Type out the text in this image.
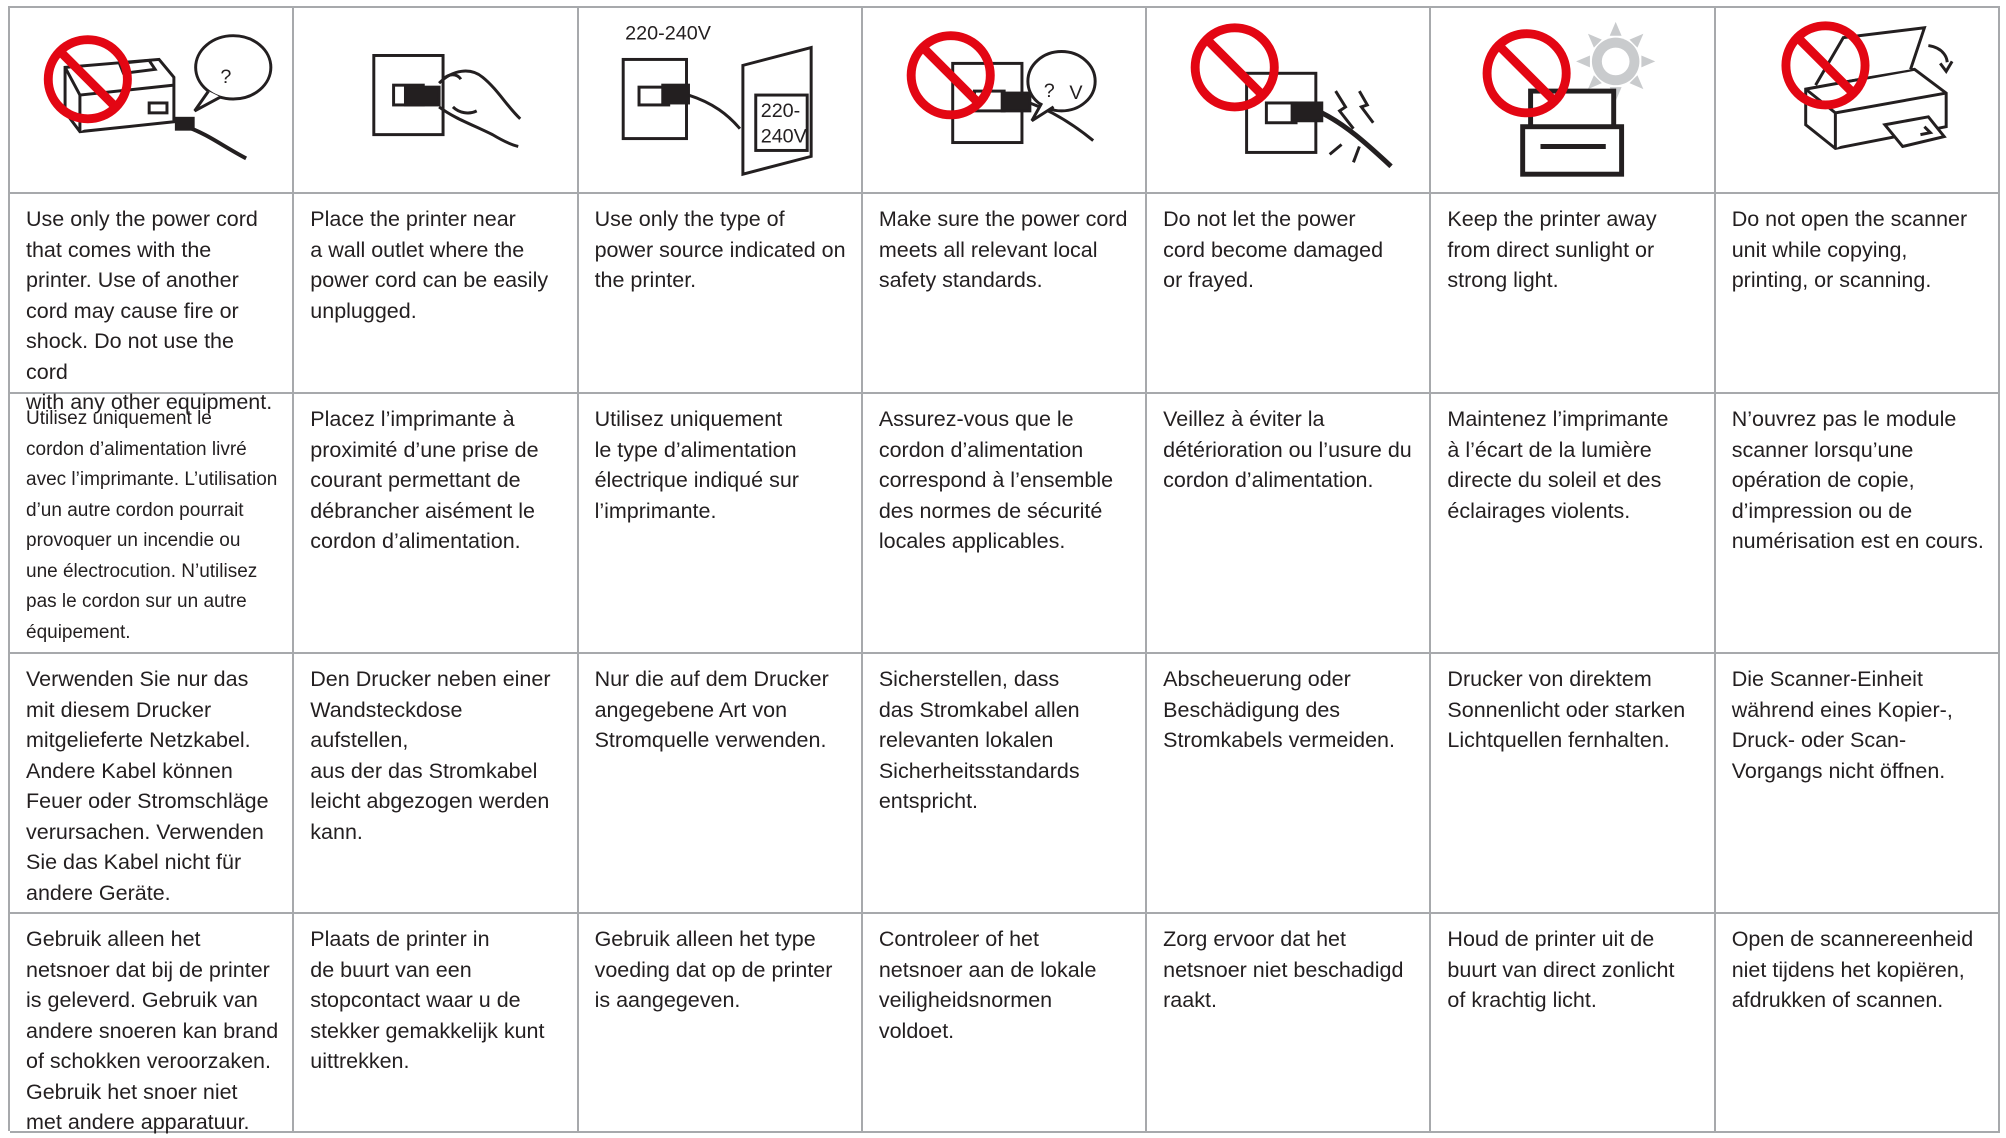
?

220-240V
220-
240V

? V

Use only the power cord
that comes with the
printer. Use of another
cord may cause fire or
shock. Do not use the cord
with any other equipment.
Place the printer near
a wall outlet where the
power cord can be easily
unplugged.
Use only the type of
power source indicated on
the printer.
Make sure the power cord
meets all relevant local
safety standards.
Do not let the power
cord become damaged
or frayed.
Keep the printer away
from direct sunlight or
strong light.
Do not open the scanner
unit while copying,
printing, or scanning.
Utilisez uniquement le
cordon d’alimentation livré
avec l’imprimante. L’utilisation
d’un autre cordon pourrait
provoquer un incendie ou
une électrocution. N’utilisez
pas le cordon sur un autre
équipement.
Placez l’imprimante à
proximité d’une prise de
courant permettant de
débrancher aisément le
cordon d’alimentation.
Utilisez uniquement
le type d’alimentation
électrique indiqué sur
l’imprimante.
Assurez-vous que le
cordon d’alimentation
correspond à l’ensemble
des normes de sécurité
locales applicables.
Veillez à éviter la
détérioration ou l’usure du
cordon d’alimentation.
Maintenez l’imprimante
à l’écart de la lumière
directe du soleil et des
éclairages violents.
N’ouvrez pas le module
scanner lorsqu’une
opération de copie,
d’impression ou de
numérisation est en cours.
Verwenden Sie nur das
mit diesem Drucker
mitgelieferte Netzkabel.
Andere Kabel können
Feuer oder Stromschläge
verursachen. Verwenden
Sie das Kabel nicht für
andere Geräte.
Den Drucker neben einer
Wandsteckdose aufstellen,
aus der das Stromkabel
leicht abgezogen werden
kann.
Nur die auf dem Drucker
angegebene Art von
Stromquelle verwenden.
Sicherstellen, dass
das Stromkabel allen
relevanten lokalen
Sicherheitsstandards
entspricht.
Abscheuerung oder
Beschädigung des
Stromkabels vermeiden.
Drucker von direktem
Sonnenlicht oder starken
Lichtquellen fernhalten.
Die Scanner-Einheit
während eines Kopier-,
Druck- oder Scan-
Vorgangs nicht öffnen.
Gebruik alleen het
netsnoer dat bij de printer
is geleverd. Gebruik van
andere snoeren kan brand
of schokken veroorzaken.
Gebruik het snoer niet
met andere apparatuur.
Plaats de printer in
de buurt van een
stopcontact waar u de
stekker gemakkelijk kunt
uittrekken.
Gebruik alleen het type
voeding dat op de printer
is aangegeven.
Controleer of het
netsnoer aan de lokale
veiligheidsnormen
voldoet.
Zorg ervoor dat het
netsnoer niet beschadigd
raakt.
Houd de printer uit de
buurt van direct zonlicht
of krachtig licht.
Open de scannereenheid
niet tijdens het kopiëren,
afdrukken of scannen.
